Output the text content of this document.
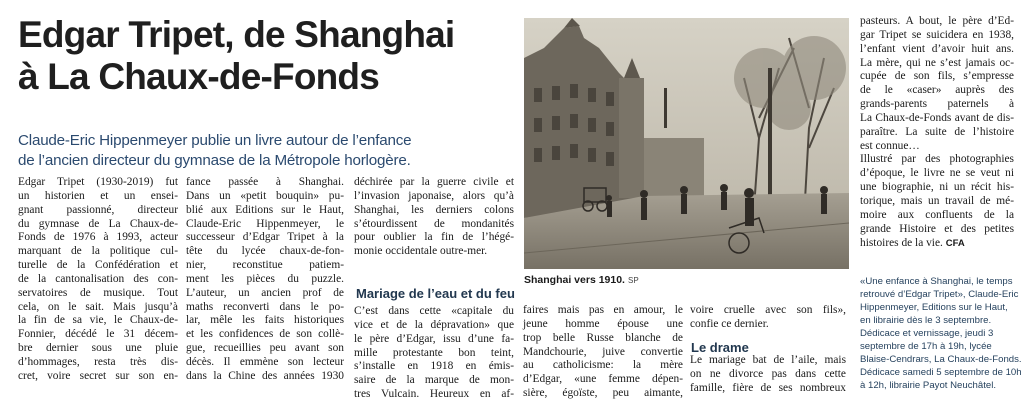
Edgar Tripet, de Shanghai
à La Chaux-de-Fonds
Claude-Eric Hippenmeyer publie un livre autour de l’enfance
de l’ancien directeur du gymnase de la Métropole horlogère.
Edgar Tripet (1930-2019) fut
un historien et un ensei-
gnant passionné, directeur
du gymnase de La Chaux-de-
Fonds de 1976 à 1993, acteur
marquant de la politique cul-
turelle de la Confédération et
de la cantonalisation des con-
servatoires de musique. Tout
cela, on le sait. Mais jusqu’à
la fin de sa vie, le Chaux-de-
Fonnier, décédé le 31 décem-
bre dernier sous une pluie
d’hommages, resta très dis-
cret, voire secret sur son en-
fance passée à Shanghai.
Dans un «petit bouquin» pu-
blié aux Editions sur le Haut,
Claude-Eric Hippenmeyer, le
successeur d’Edgar Tripet à la
tête du lycée chaux-de-fon-
nier, reconstitue patiem-
ment les pièces du puzzle.
L’auteur, un ancien prof de
maths reconverti dans le po-
lar, mêle les faits historiques
et les confidences de son collè-
gue, recueillies peu avant son
décès. Il emmène son lecteur
dans la Chine des années 1930
déchirée par la guerre civile et
l’invasion japonaise, alors qu’à
Shanghai, les derniers colons
s’étourdissent de mondanités
pour oublier la fin de l’hégé-
monie occidentale outre-mer.
Mariage de l’eau et du feu
C’est dans cette «capitale du
vice et de la dépravation» que
le père d’Edgar, issu d’une fa-
mille protestante bon teint,
s’installe en 1918 en émis-
saire de la marque de mon-
tres Vulcain. Heureux en af-
Shanghai vers 1910. SP
faires mais pas en amour, le
jeune homme épouse une
trop belle Russe blanche de
Mandchourie, juive convertie
au catholicisme: la mère
d’Edgar, «une femme dépen-
sière, égoïste, peu aimante,
voire cruelle avec son fils»,
confie ce dernier.
Le drame
Le mariage bat de l’aile, mais
on ne divorce pas dans cette
famille, fière de ses nombreux
pasteurs. A bout, le père d’Ed-
gar Tripet se suicidera en 1938,
l’enfant vient d’avoir huit ans.
La mère, qui ne s’est jamais oc-
cupée de son fils, s’empresse
de le «caser» auprès des
grands-parents paternels à
La Chaux-de-Fonds avant de dis-
paraître. La suite de l’histoire
est connue…
Illustré par des photographies
d’époque, le livre ne se veut ni
une biographie, ni un récit his-
torique, mais un travail de mé-
moire aux confluents de la
grande Histoire et des petites
histoires de la vie. CFA
«Une enfance à Shanghai, le temps
retrouvé d’Edgar Tripet», Claude-Eric
Hippenmeyer, Editions sur le Haut,
en librairie dès le 3 septembre.
Dédicace et vernissage, jeudi 3
septembre de 17h à 19h, lycée
Blaise-Cendrars, La Chaux-de-Fonds.
Dédicace samedi 5 septembre de 10h
à 12h, librairie Payot Neuchâtel.
